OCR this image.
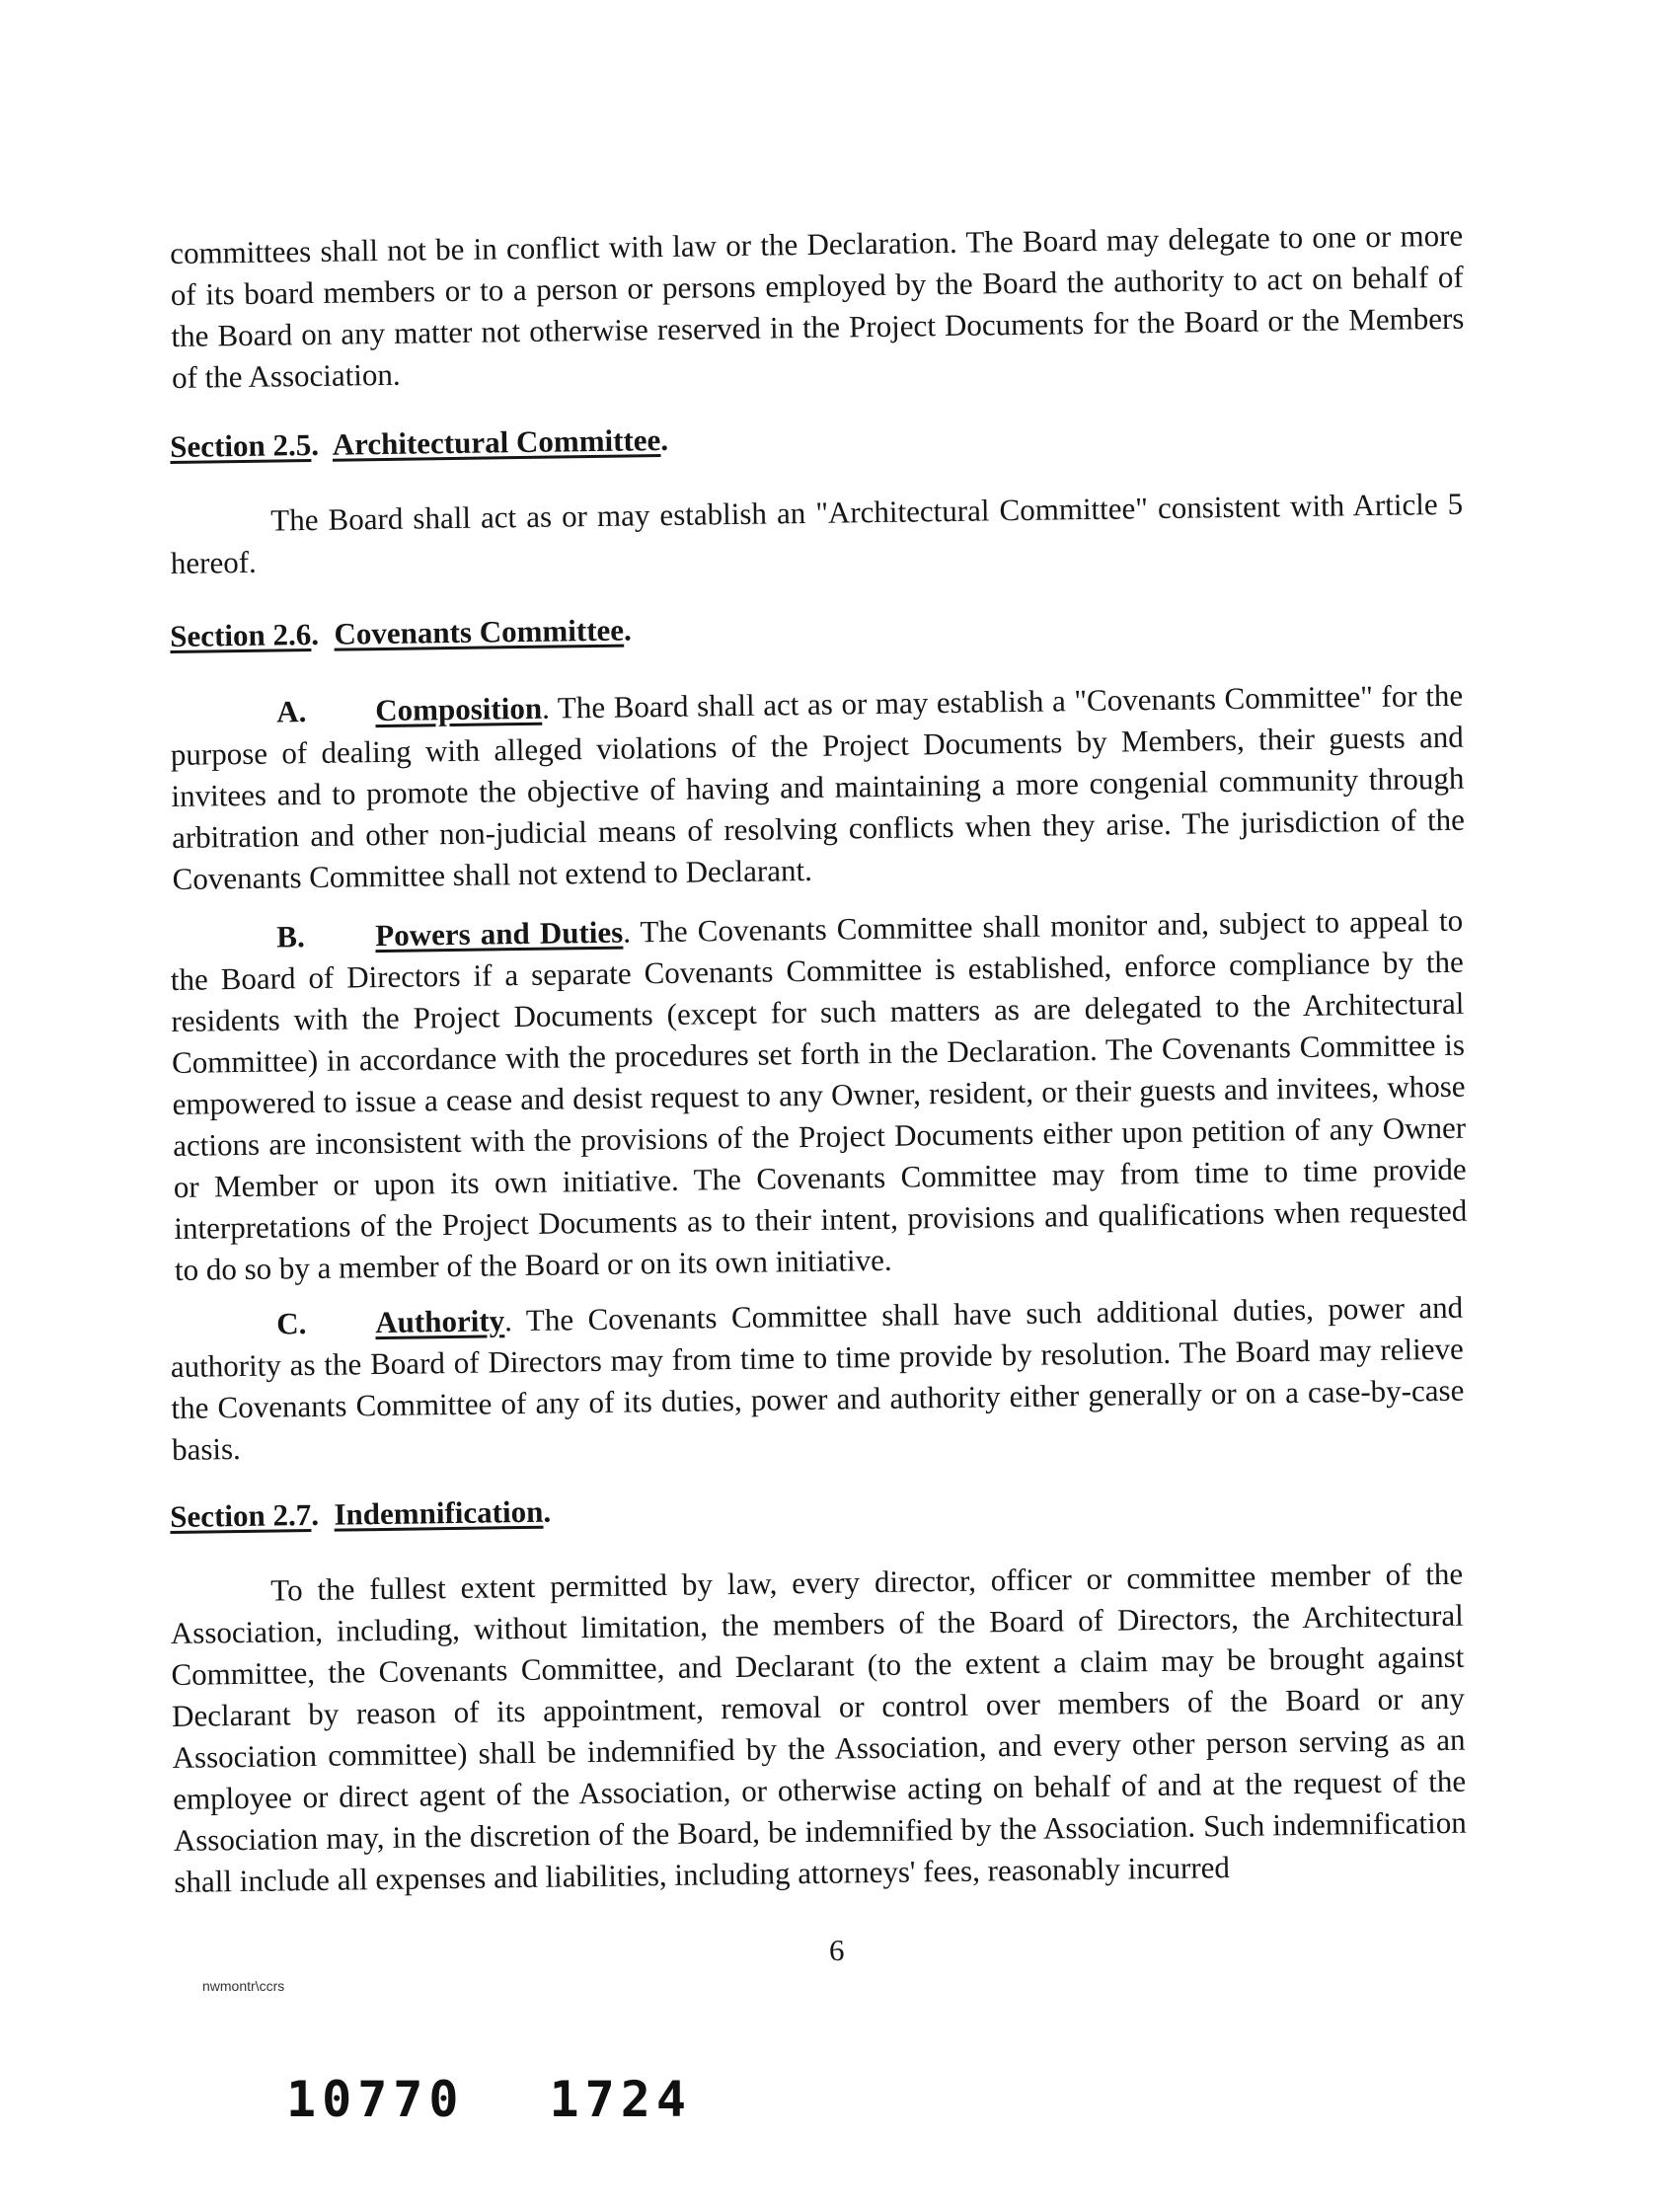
committees shall not be in conflict with law or the Declaration. The Board may delegate to one or more of its board members or to a person or persons employed by the Board the authority to act on behalf of the Board on any matter not otherwise reserved in the Project Documents for the Board or the Members of the Association.
Section 2.5.  Architectural Committee.
The Board shall act as or may establish an "Architectural Committee" consistent with Article 5 hereof.
Section 2.6.  Covenants Committee.
A. Composition. The Board shall act as or may establish a "Covenants Committee" for the purpose of dealing with alleged violations of the Project Documents by Members, their guests and invitees and to promote the objective of having and maintaining a more congenial community through arbitration and other non-judicial means of resolving conflicts when they arise. The jurisdiction of the Covenants Committee shall not extend to Declarant.
B. Powers and Duties. The Covenants Committee shall monitor and, subject to appeal to the Board of Directors if a separate Covenants Committee is established, enforce compliance by the residents with the Project Documents (except for such matters as are delegated to the Architectural Committee) in accordance with the procedures set forth in the Declaration. The Covenants Committee is empowered to issue a cease and desist request to any Owner, resident, or their guests and invitees, whose actions are inconsistent with the provisions of the Project Documents either upon petition of any Owner or Member or upon its own initiative. The Covenants Committee may from time to time provide interpretations of the Project Documents as to their intent, provisions and qualifications when requested to do so by a member of the Board or on its own initiative.
C. Authority. The Covenants Committee shall have such additional duties, power and authority as the Board of Directors may from time to time provide by resolution. The Board may relieve the Covenants Committee of any of its duties, power and authority either generally or on a case-by-case basis.
Section 2.7.  Indemnification.
To the fullest extent permitted by law, every director, officer or committee member of the Association, including, without limitation, the members of the Board of Directors, the Architectural Committee, the Covenants Committee, and Declarant (to the extent a claim may be brought against Declarant by reason of its appointment, removal or control over members of the Board or any Association committee) shall be indemnified by the Association, and every other person serving as an employee or direct agent of the Association, or otherwise acting on behalf of and at the request of the Association may, in the discretion of the Board, be indemnified by the Association. Such indemnification shall include all expenses and liabilities, including attorneys' fees, reasonably incurred
6
nwmontr\ccrs
10770 1724
